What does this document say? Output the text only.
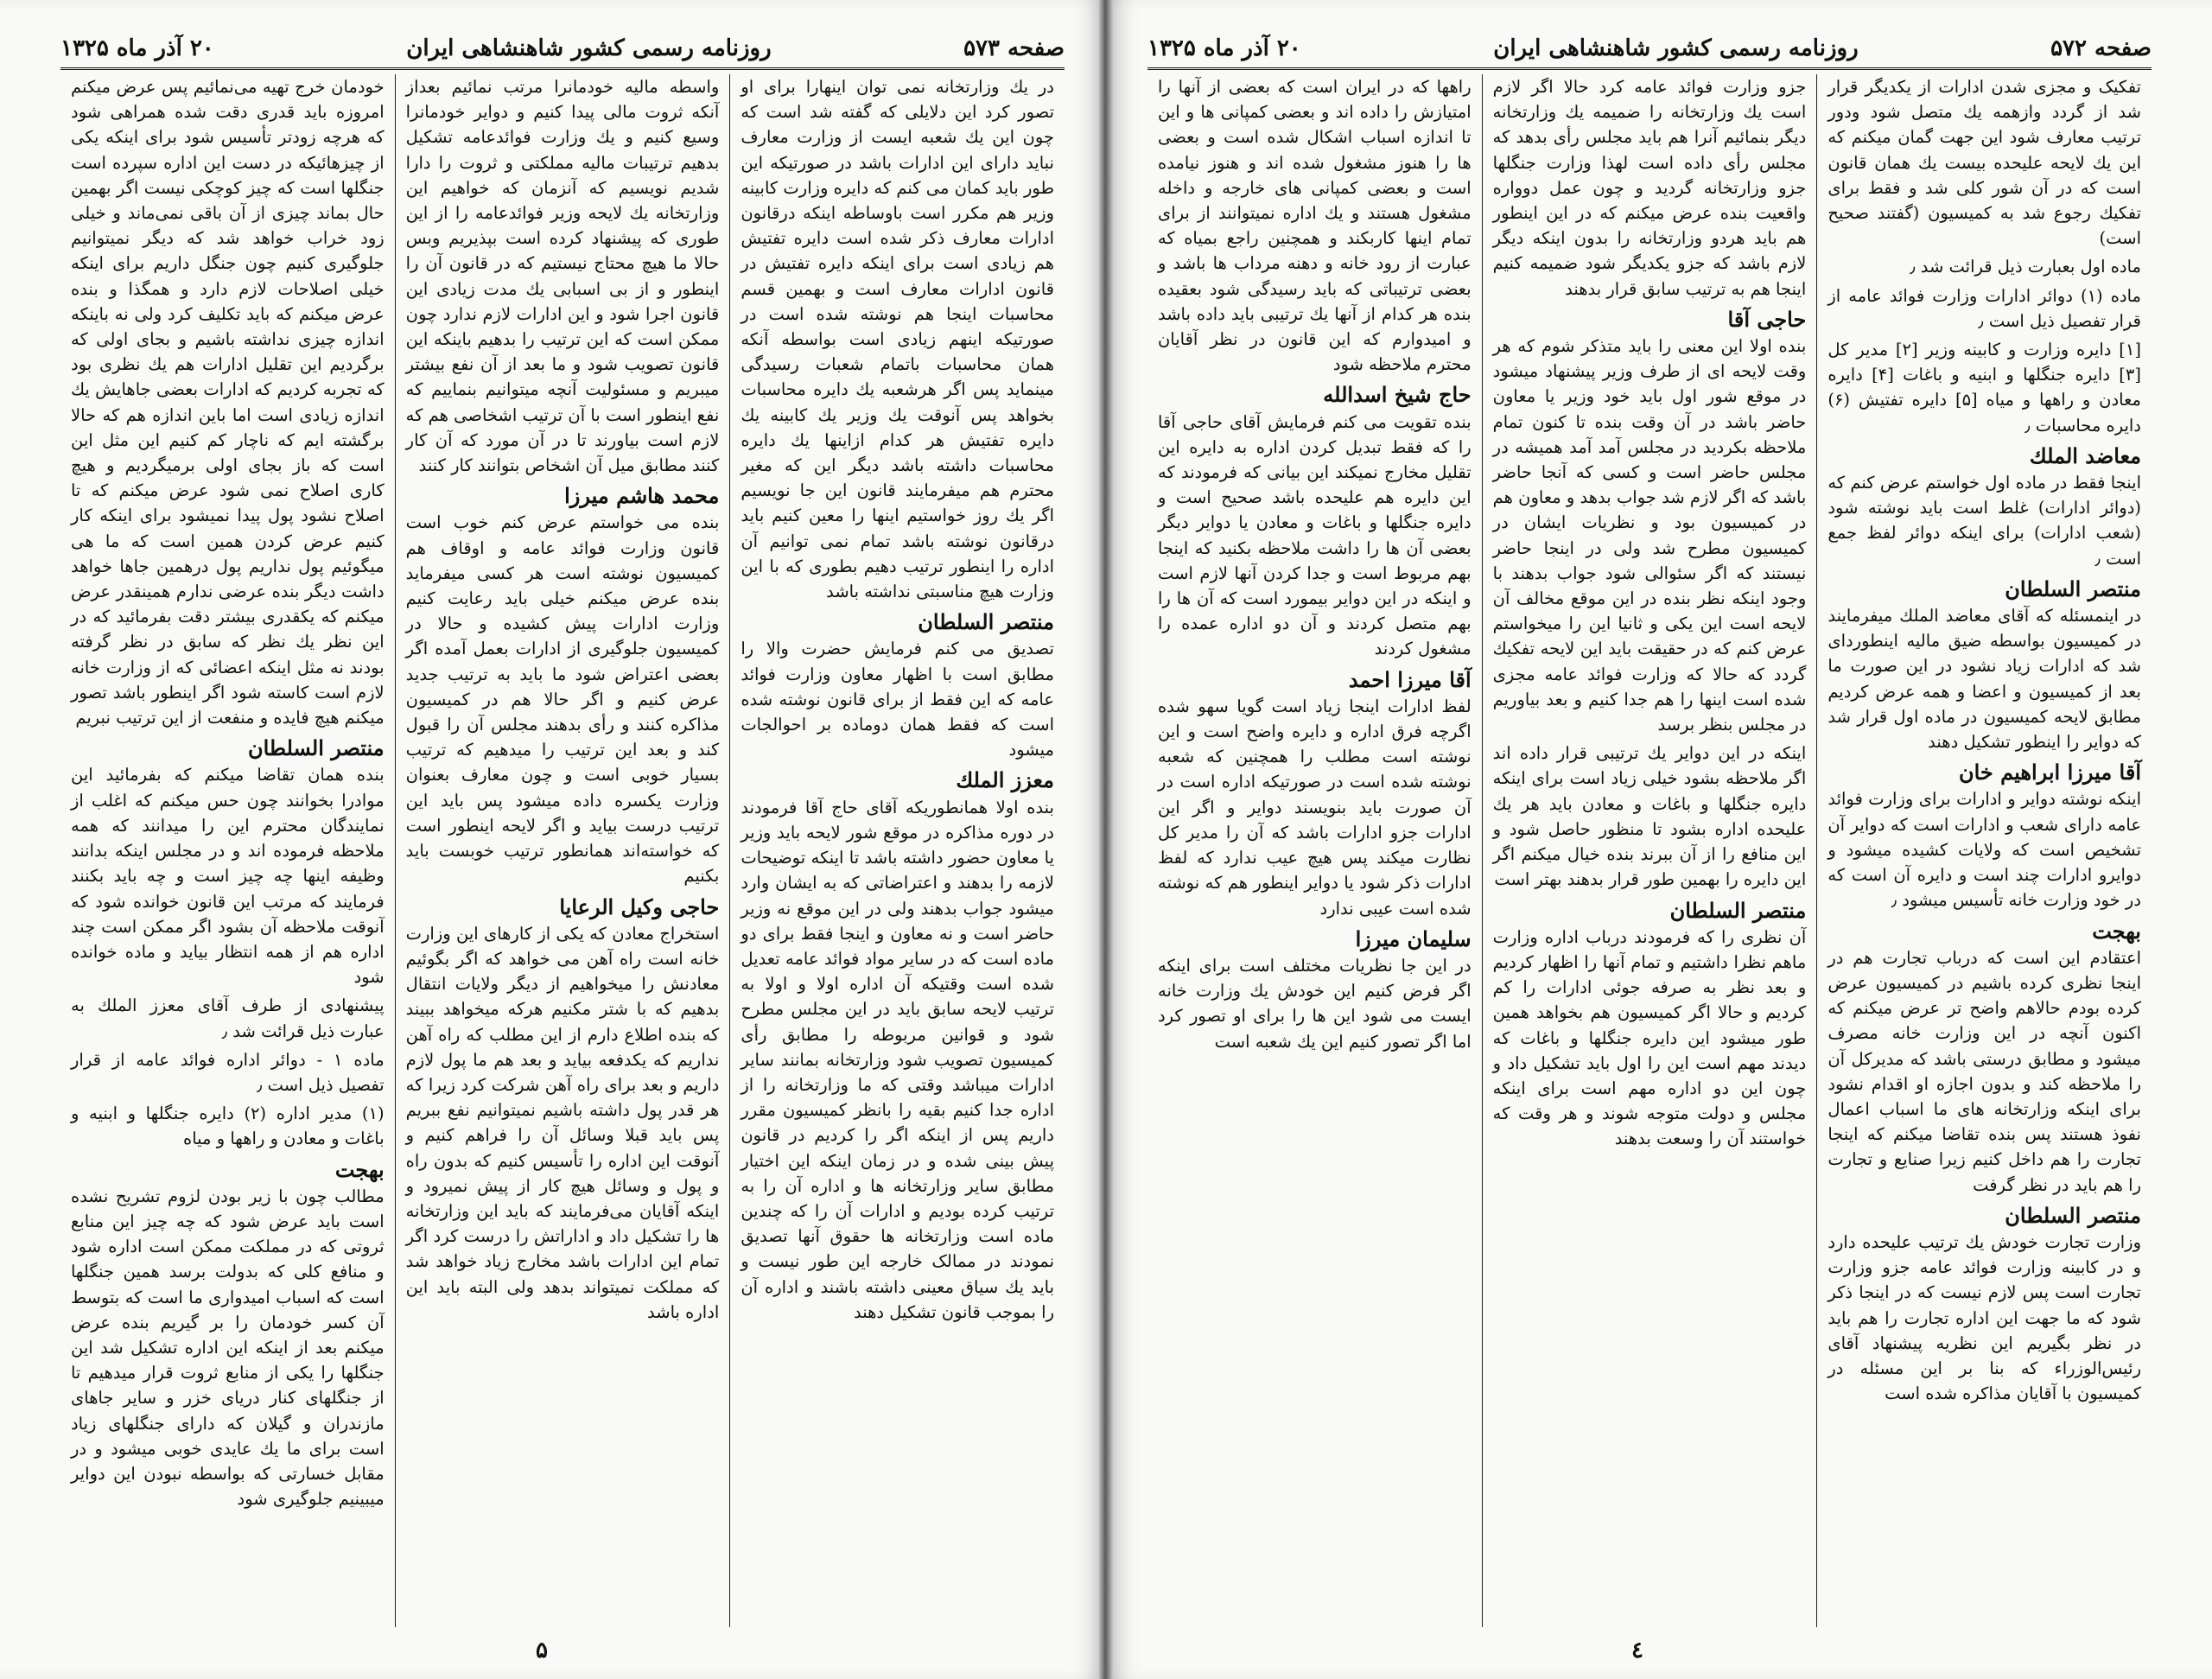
صفحه ۵۷۳
روزنامه رسمی کشور شاهنشاهی ایران
۲۰ آذر ماه ۱۳۲۵

در یك وزارتخانه نمی توان اینهارا برای او تصور کرد این دلایلی که گفته شد است که چون این یك شعبه ایست از وزارت معارف نباید دارای این ادارات باشد در صورتیکه این طور باید کمان می کنم که دایره وزارت کابینه وزیر هم مکرر است باوساطه اینکه درقانون ادارات معارف ذکر شده است دایره تفتیش هم زیادی است برای اینکه دایره تفتیش در قانون ادارات معارف است و بهمین قسم محاسبات اینجا هم نوشته شده است در صورتیکه اینهم زیادی است بواسطه آنکه همان محاسبات باتمام شعبات رسیدگی مینماید پس اگر هرشعبه یك دایره محاسبات بخواهد پس آنوقت یك وزیر یك کابینه یك دایره تفتیش هر کدام ازاینها یك دایره محاسبات داشته باشد دیگر این که مغیر محترم هم میفرمایند قانون این جا نویسیم اگر یك روز خواستیم اینها را معین کنیم باید درقانون نوشته باشد تمام نمی توانیم آن اداره را اینطور ترتیب دهیم بطوری که با این وزارت هیچ مناسبتی نداشته باشد

منتصر السلطان

تصدیق می کنم فرمایش حضرت والا را مطابق است با اظهار معاون وزارت فوائد عامه که این فقط از برای قانون نوشته شده است که فقط همان دوماده بر احوالجات میشود

معزز الملك

بنده اولا همانطوریکه آقای حاج آقا فرمودند در دوره مذاکره در موقع شور لایحه باید وزیر یا معاون حضور داشته باشد تا اینکه توضیحات لازمه را بدهند و اعتراضاتی که به ایشان وارد میشود جواب بدهند ولی در این موقع نه وزیر حاضر است و نه معاون و اینجا فقط برای دو ماده است که در سایر مواد فوائد عامه تعدیل شده است وقتیکه آن اداره اولا و اولا به ترتیب لایحه سابق باید در این مجلس مطرح شود و قوانین مربوطه را مطابق رأی کمیسیون تصویب شود وزارتخانه بمانند سایر ادارات میباشد وقتی که ما وزارتخانه را از اداره جدا کنیم بقیه را بانظر کمیسیون مقرر داریم پس از اینکه اگر را کردیم در قانون پیش بینی شده و در زمان اینکه این اختیار مطابق سایر وزارتخانه ها و اداره آن را به ترتیب کرده بودیم و ادارات آن را که چندین ماده است وزارتخانه ها حقوق آنها تصدیق نمودند در ممالک خارجه این طور نیست و باید یك سیاق معینی داشته باشند و اداره آن را بموجب قانون تشکیل دهند

واسطه مالیه خودمانرا مرتب نمائیم بعداز آنکه ثروت مالی پیدا کنیم و دوایر خودمانرا وسیع کنیم و یك وزارت فوائدعامه تشکیل بدهیم ترتیبات مالیه مملکتی و ثروت را دارا شدیم نویسیم که آنزمان که خواهیم این وزارتخانه یك لایحه وزیر فوائدعامه را از این طوری که پیشنهاد کرده است بپذیریم وبس حالا ما هیچ محتاج نیستیم که در قانون آن را اینطور و از بی اسبابی یك مدت زیادی این قانون اجرا شود و این ادارات لازم ندارد چون ممکن است که این ترتیب را بدهیم باینکه این قانون تصویب شود و ما بعد از آن نفع بیشتر میبریم و مسئولیت آنچه میتوانیم بنماییم که نفع اینطور است با آن ترتیب اشخاصی هم که لازم است بیاورند تا در آن مورد که آن کار کنند مطابق میل آن اشخاص بتوانند کار کنند

محمد هاشم میرزا

بنده می خواستم عرض کنم خوب است قانون وزارت فوائد عامه و اوقاف هم کمیسیون نوشته است هر کسی میفرماید بنده عرض میکنم خیلی باید رعایت کنیم وزارت ادارات پیش کشیده و حالا در کمیسیون جلوگیری از ادارات بعمل آمده اگر بعضی اعتراض شود ما باید به ترتیب جدید عرض کنیم و اگر حالا هم در کمیسیون مذاکره کنند و رأی بدهند مجلس آن را قبول کند و بعد این ترتیب را میدهیم که ترتیب بسیار خوبی است و چون معارف بعنوان وزارت یکسره داده میشود پس باید این ترتیب درست بیاید و اگر لایحه اینطور است که خواسته‌اند همانطور ترتیب خوبست باید بکنیم

حاجی وکیل الرعایا

استخراج معادن که یکی از کارهای این وزارت خانه است راه آهن می خواهد که اگر بگوئیم معادنش را میخواهیم از دیگر ولایات انتقال بدهیم که با شتر مکنیم هرکه میخواهد ببیند که بنده اطلاع دارم از این مطلب که راه آهن نداریم که یکدفعه بیاید و بعد هم ما پول لازم داریم و بعد برای راه آهن شرکت کرد زیرا که هر قدر پول داشته باشیم نمیتوانیم نفع ببریم پس باید قبلا وسائل آن را فراهم کنیم و آنوقت این اداره را تأسیس کنیم که بدون راه و پول و وسائل هیچ کار از پیش نمیرود و اینکه آقایان می‌فرمایند که باید این وزارتخانه ها را تشکیل داد و اداراتش را درست کرد اگر تمام این ادارات باشد مخارج زیاد خواهد شد که مملکت نمیتواند بدهد ولی البته باید این اداره باشد

خودمان خرج تهیه می‌نمائیم پس عرض میکنم امروزه باید قدری دقت شده همراهی شود که هرچه زودتر تأسیس شود برای اینکه یکی از چیزهائیکه در دست این اداره سپرده است جنگلها است که چیز کوچکی نیست اگر بهمین حال بماند چیزی از آن باقی نمی‌ماند و خیلی زود خراب خواهد شد که دیگر نمیتوانیم جلوگیری کنیم چون جنگل داریم برای اینکه خیلی اصلاحات لازم دارد و همگذا و بنده عرض میکنم که باید تکلیف کرد ولی نه باینکه اندازه چیزی نداشته باشیم و بجای اولی که برگردیم این تقلیل ادارات هم یك نظری بود که تجربه کردیم که ادارات بعضی جاهایش یك اندازه زیادی است اما باین اندازه هم که حالا برگشته ایم که ناچار کم کنیم این مثل این است که باز بجای اولی برمیگردیم و هیچ کاری اصلاح نمی شود عرض میکنم که تا اصلاح نشود پول پیدا نمیشود برای اینکه کار کنیم عرض کردن همین است که ما هی میگوئیم پول نداریم پول درهمین جاها خواهد داشت دیگر بنده عرضی ندارم همینقدر عرض میکنم که یکقدری بیشتر دقت بفرمائید که در این نظر یك نظر که سابق در نظر گرفته بودند نه مثل اینکه اعضائی که از وزارت خانه لازم است کاسته شود اگر اینطور باشد تصور میکنم هیچ فایده و منفعت از این ترتیب نبریم

منتصر السلطان

بنده همان تقاضا میکنم که بفرمائید این موادرا بخوانند چون حس میکنم که اغلب از نمایندگان محترم این را میدانند که همه ملاحظه فرموده اند و در مجلس اینکه بدانند وظیفه اینها چه چیز است و چه باید بکنند فرمایند که مرتب این قانون خوانده شود که آنوقت ملاحظه آن بشود اگر ممکن است چند اداره هم از همه انتظار بیاید و ماده خوانده شود

پیشنهادی از طرف آقای معزز الملك به عبارت ذیل قرائت شد ٫

ماده ۱ - دوائر اداره فوائد عامه از قرار تفصیل ذیل است ٫

(۱) مدیر اداره (۲) دایره جنگلها و ابنیه و باغات و معادن و راهها و میاه

بهجت

مطالب چون با زیر بودن لزوم تشریح نشده است باید عرض شود که چه چیز این منابع ثروتی که در مملکت ممکن است اداره شود و منافع کلی که بدولت برسد همین جنگلها است که اسباب امیدواری ما است که بتوسط آن کسر خودمان را بر گیریم بنده عرض میکنم بعد از اینکه این اداره تشکیل شد این جنگلها را یکی از منابع ثروت قرار میدهیم تا از جنگلهای کنار دریای خزر و سایر جاهای مازندران و گیلان که دارای جنگلهای زیاد است برای ما یك عایدی خوبی میشود و در مقابل خسارتی که بواسطه نبودن این دوایر میبینیم جلوگیری شود

۵
صفحه ۵۷۲
روزنامه رسمی کشور شاهنشاهی ایران
۲۰ آذر ماه ۱۳۲۵

تفکیک و مجزی شدن ادارات از یکدیگر قرار شد از گردد وازهمه یك متصل شود ودور ترتیب معارف شود این جهت گمان میکنم که این یك لایحه علیحده بیست یك همان قانون است که در آن شور کلی شد و فقط برای تفکیك رجوع شد به کمیسیون (گفتند صحیح است)

ماده اول بعبارت ذیل قرائت شد ٫

ماده (۱) دوائر ادارات وزارت فوائد عامه از قرار تفصیل ذیل است ٫

[۱] دایره وزارت و کابینه وزیر [۲] مدیر کل [۳] دایره جنگلها و ابنیه و باغات [۴] دایره معادن و راهها و میاه [۵] دایره تفتیش (۶) دایره محاسبات ٫

معاضد الملك

اینجا فقط در ماده اول خواستم عرض کنم که (دوائر ادارات) غلط است باید نوشته شود (شعب ادارات) برای اینکه دوائر لفظ جمع است ٫

منتصر السلطان

در اینمسئله که آقای معاضد الملك میفرمایند در کمیسیون بواسطه ضیق مالیه اینطوردای شد که ادارات زیاد نشود در این صورت ما بعد از کمیسیون و اعضا و همه عرض کردیم مطابق لایحه کمیسیون در ماده اول قرار شد که دوایر را اینطور تشکیل دهند

آقا میرزا ابراهیم خان

اینکه نوشته دوایر و ادارات برای وزارت فوائد عامه دارای شعب و ادارات است که دوایر آن تشخیص است که ولایات کشیده میشود و دوایرو ادارات چند است و دایره آن است که در خود وزارت خانه تأسیس میشود ٫

بهجت

اعتقادم این است که درباب تجارت هم در اینجا نظری کرده باشیم در کمیسیون عرض کرده بودم حالاهم واضح تر عرض میکنم که اکنون آنچه در این وزارت خانه مصرف میشود و مطابق درستی باشد که مدیرکل آن را ملاحظه کند و بدون اجازه او اقدام نشود برای اینکه وزارتخانه های ما اسباب اعمال نفوذ هستند پس بنده تقاضا میکنم که اینجا تجارت را هم داخل کنیم زیرا صنایع و تجارت را هم باید در نظر گرفت

منتصر السلطان

وزارت تجارت خودش یك ترتیب علیحده دارد و در کابینه وزارت فوائد عامه جزو وزارت تجارت است پس لازم نیست که در اینجا ذکر شود که ما جهت این اداره تجارت را هم باید در نظر بگیریم این نظریه پیشنهاد آقای رئیس‌الوزراء که بنا بر این مسئله در کمیسیون با آقایان مذاکره شده است

جزو وزارت فوائد عامه کرد حالا اگر لازم است یك وزارتخانه را ضمیمه یك وزارتخانه دیگر بنمائیم آنرا هم باید مجلس رأی بدهد که مجلس رأی داده است لهذا وزارت جنگلها جزو وزارتخانه گردید و چون عمل دوواره واقعیت بنده عرض میکنم که در این اینطور هم باید هردو وزارتخانه را بدون اینکه دیگر لازم باشد که جزو یکدیگر شود ضمیمه کنیم اینجا هم به ترتیب سابق قرار بدهند

حاجی آقا

بنده اولا این معنی را باید متذکر شوم که هر وقت لایحه ای از طرف وزیر پیشنهاد میشود در موقع شور اول باید خود وزیر یا معاون حاضر باشد در آن وقت بنده تا کنون تمام ملاحظه بکردید در مجلس آمد آمد همیشه در مجلس حاضر است و کسی که آنجا حاضر باشد که اگر لازم شد جواب بدهد و معاون هم در کمیسیون بود و نظریات ایشان در کمیسیون مطرح شد ولی در اینجا حاضر نیستند که اگر سئوالی شود جواب بدهند با وجود اینکه نظر بنده در این موقع مخالف آن لایحه است این یکی و ثانیا این را میخواستم عرض کنم که در حقیقت باید این لایحه تفکیك گردد که حالا که وزارت فوائد عامه مجزی شده است اینها را هم جدا کنیم و بعد بیاوریم در مجلس بنظر برسد

اینكه در این دوایر یك ترتیبی قرار داده اند اگر ملاحظه بشود خیلی زیاد است برای اینکه دایره جنگلها و باغات و معادن باید هر یك علیحده اداره بشود تا منظور حاصل شود و این منافع را از آن ببرند بنده خیال میکنم اگر این دایره را بهمین طور قرار بدهند بهتر است

منتصر السلطان

آن نظری را که فرمودند درباب اداره وزارت ماهم نظرا داشتیم و تمام آنها را اظهار کردیم و بعد نظر به صرفه جوئی ادارات را کم کردیم و حالا اگر کمیسیون هم بخواهد همین طور میشود این دایره جنگلها و باغات که دیدند مهم است این را اول باید تشکیل داد و چون این دو اداره مهم است برای اینکه مجلس و دولت متوجه شوند و هر وقت که خواستند آن را وسعت بدهند

راهها که در ایران است که بعضی از آنها را امتیازش را داده اند و بعضی کمپانی ها و این تا اندازه اسباب اشکال شده است و بعضی ها را هنوز مشغول شده اند و هنوز نیامده است و بعضی کمپانی های خارجه و داخله مشغول هستند و یك اداره نمیتوانند از برای تمام اینها کاربکند و همچنین راجع بمیاه که عبارت از رود خانه و دهنه مرداب ها باشد و بعضی ترتیباتی که باید رسیدگی شود بعقیده بنده هر کدام از آنها یك ترتیبی باید داده باشد و امیدوارم که این قانون در نظر آقایان محترم ملاحظه شود

حاج شیخ اسدالله

بنده تقویت می کنم فرمایش آقای حاجی آقا را که فقط تبدیل کردن اداره به دایره این تقلیل مخارج نمیکند این بیانی که فرمودند که این دایره هم علیحده باشد صحیح است و دایره جنگلها و باغات و معادن یا دوایر دیگر بعضی آن ها را داشت ملاحظه بکنید که اینجا بهم مربوط است و جدا کردن آنها لازم است و اینکه در این دوایر بیمورد است که آن ها را بهم متصل کردند و آن دو اداره عمده را مشغول کردند

آقا میرزا احمد

لفظ ادارات اینجا زیاد است گویا سهو شده اگرچه فرق اداره و دایره واضح است و این نوشته است مطلب را همچنین که شعبه نوشته شده است در صورتیکه اداره است در آن صورت باید بنویسند دوایر و اگر این ادارات جزو ادارات باشد که آن را مدیر کل نظارت میکند پس هیچ عیب ندارد که لفظ ادارات ذکر شود یا دوایر اینطور هم که نوشته شده است عیبی ندارد

سلیمان میرزا

در این جا نظریات مختلف است برای اینکه اگر فرض کنیم این خودش یك وزارت خانه ایست می شود این ها را برای او تصور کرد اما اگر تصور کنیم این یك شعبه است

٤
